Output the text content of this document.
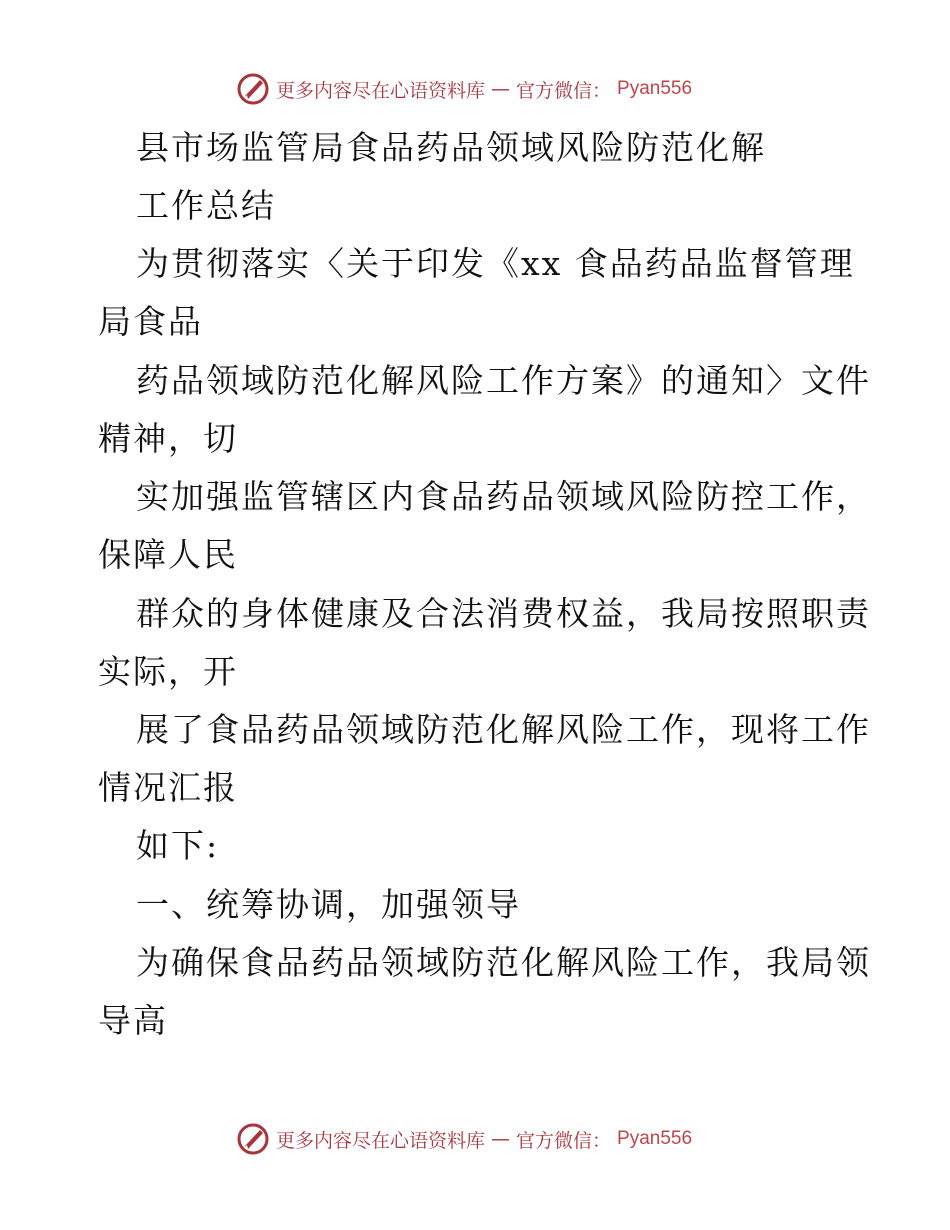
更多内容尽在心语资料库 — 官方微信： Pyan556
县市场监管局食品药品领域风险防范化解
工作总结
为贯彻落实〈关于印发《xx 食品药品监督管理
局食品
药品领域防范化解风险工作方案》的通知〉文件
精神，切
实加强监管辖区内食品药品领域风险防控工作，
保障人民
群众的身体健康及合法消费权益，我局按照职责
实际，开
展了食品药品领域防范化解风险工作，现将工作
情况汇报
如下:
一、统筹协调，加强领导
为确保食品药品领域防范化解风险工作，我局领
导高
更多内容尽在心语资料库 — 官方微信： Pyan556
